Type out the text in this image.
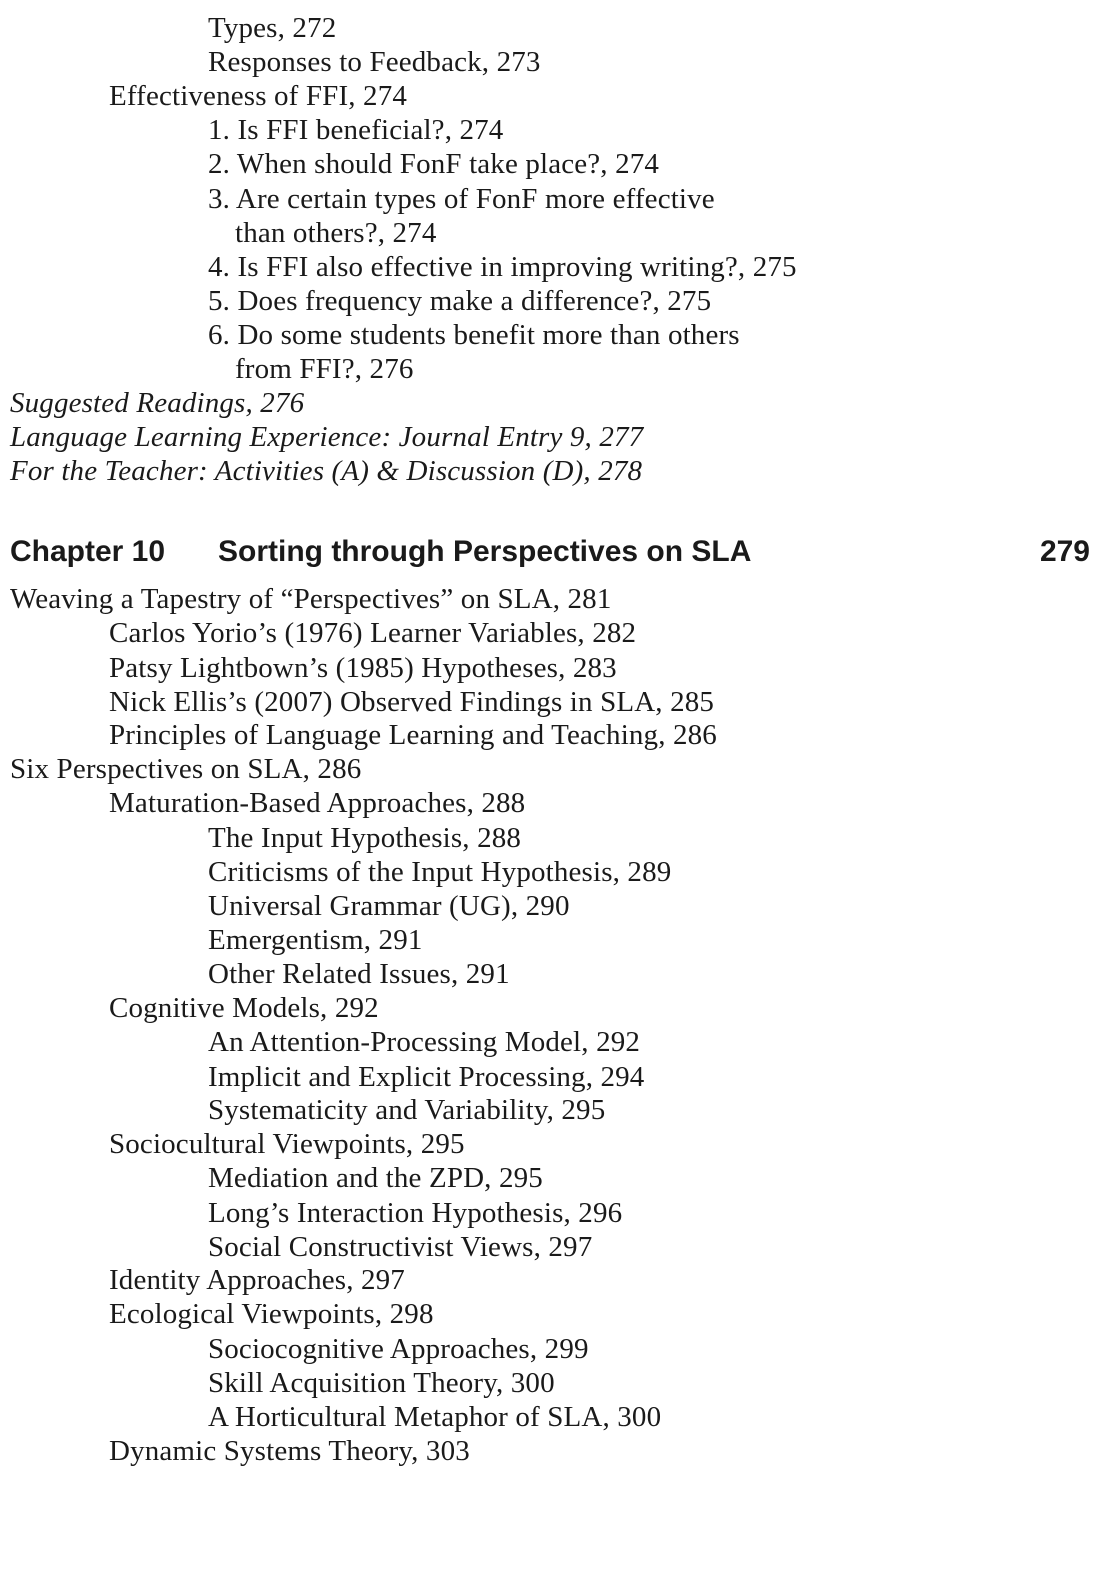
Types, 272
Responses to Feedback, 273
Effectiveness of FFI, 274
1. Is FFI beneficial?, 274
2. When should FonF take place?, 274
3. Are certain types of FonF more effective
than others?, 274
4. Is FFI also effective in improving writing?, 275
5. Does frequency make a difference?, 275
6. Do some students benefit more than others
from FFI?, 276
Suggested Readings, 276
Language Learning Experience: Journal Entry 9, 277
For the Teacher: Activities (A) & Discussion (D), 278
Chapter 10 Sorting through Perspectives on SLA	279
Weaving a Tapestry of “Perspectives” on SLA, 281
Carlos Yorio’s (1976) Learner Variables, 282
Patsy Lightbown’s (1985) Hypotheses, 283
Nick Ellis’s (2007) Observed Findings in SLA, 285
Principles of Language Learning and Teaching, 286
Six Perspectives on SLA, 286
Maturation-Based Approaches, 288
The Input Hypothesis, 288
Criticisms of the Input Hypothesis, 289
Universal Grammar (UG), 290
Emergentism, 291
Other Related Issues, 291
Cognitive Models, 292
An Attention-Processing Model, 292
Implicit and Explicit Processing, 294
Systematicity and Variability, 295
Sociocultural Viewpoints, 295
Mediation and the ZPD, 295
Long’s Interaction Hypothesis, 296
Social Constructivist Views, 297
Identity Approaches, 297
Ecological Viewpoints, 298
Sociocognitive Approaches, 299
Skill Acquisition Theory, 300
A Horticultural Metaphor of SLA, 300
Dynamic Systems Theory, 303
